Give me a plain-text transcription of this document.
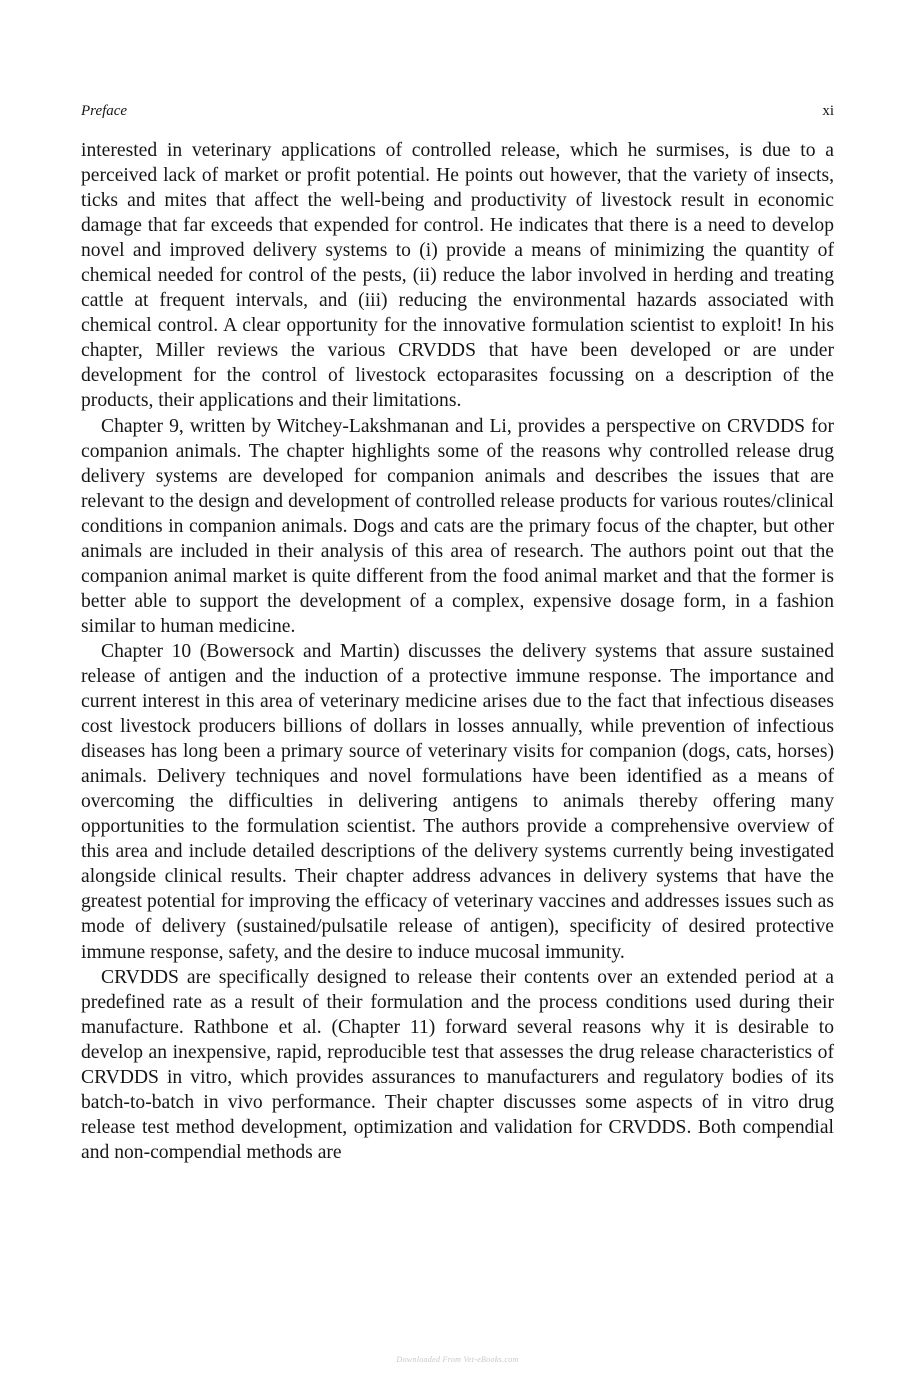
Preface	xi

interested in veterinary applications of controlled release, which he surmises, is due to a perceived lack of market or profit potential. He points out however, that the variety of insects, ticks and mites that affect the well-being and productivity of livestock result in economic damage that far exceeds that expended for control. He indicates that there is a need to develop novel and improved delivery systems to (i) provide a means of minimizing the quantity of chemical needed for control of the pests, (ii) reduce the labor involved in herding and treating cattle at frequent intervals, and (iii) reducing the environmental hazards associated with chemical control. A clear opportunity for the innovative formulation scientist to exploit! In his chapter, Miller reviews the various CRVDDS that have been developed or are under development for the control of livestock ectoparasites focussing on a description of the products, their applications and their limitations.

Chapter 9, written by Witchey-Lakshmanan and Li, provides a perspective on CRVDDS for companion animals. The chapter highlights some of the reasons why controlled release drug delivery systems are developed for companion animals and describes the issues that are relevant to the design and development of controlled release products for various routes/clinical conditions in companion animals. Dogs and cats are the primary focus of the chapter, but other animals are included in their analysis of this area of research. The authors point out that the companion animal market is quite different from the food animal market and that the former is better able to support the development of a complex, expensive dosage form, in a fashion similar to human medicine.

Chapter 10 (Bowersock and Martin) discusses the delivery systems that assure sustained release of antigen and the induction of a protective immune response. The importance and current interest in this area of veterinary medicine arises due to the fact that infectious diseases cost livestock producers billions of dollars in losses annually, while prevention of infectious diseases has long been a primary source of veterinary visits for companion (dogs, cats, horses) animals. Delivery techniques and novel formulations have been identified as a means of overcoming the difficulties in delivering antigens to animals thereby offering many opportunities to the formulation scientist. The authors provide a comprehensive overview of this area and include detailed descriptions of the delivery systems currently being investigated alongside clinical results. Their chapter address advances in delivery systems that have the greatest potential for improving the efficacy of veterinary vaccines and addresses issues such as mode of delivery (sustained/pulsatile release of antigen), specificity of desired protective immune response, safety, and the desire to induce mucosal immunity.

CRVDDS are specifically designed to release their contents over an extended period at a predefined rate as a result of their formulation and the process conditions used during their manufacture. Rathbone et al. (Chapter 11) forward several reasons why it is desirable to develop an inexpensive, rapid, reproducible test that assesses the drug release characteristics of CRVDDS in vitro, which provides assurances to manufacturers and regulatory bodies of its batch-to-batch in vivo performance. Their chapter discusses some aspects of in vitro drug release test method development, optimization and validation for CRVDDS. Both compendial and non-compendial methods are

Downloaded From Vet-eBooks.com
